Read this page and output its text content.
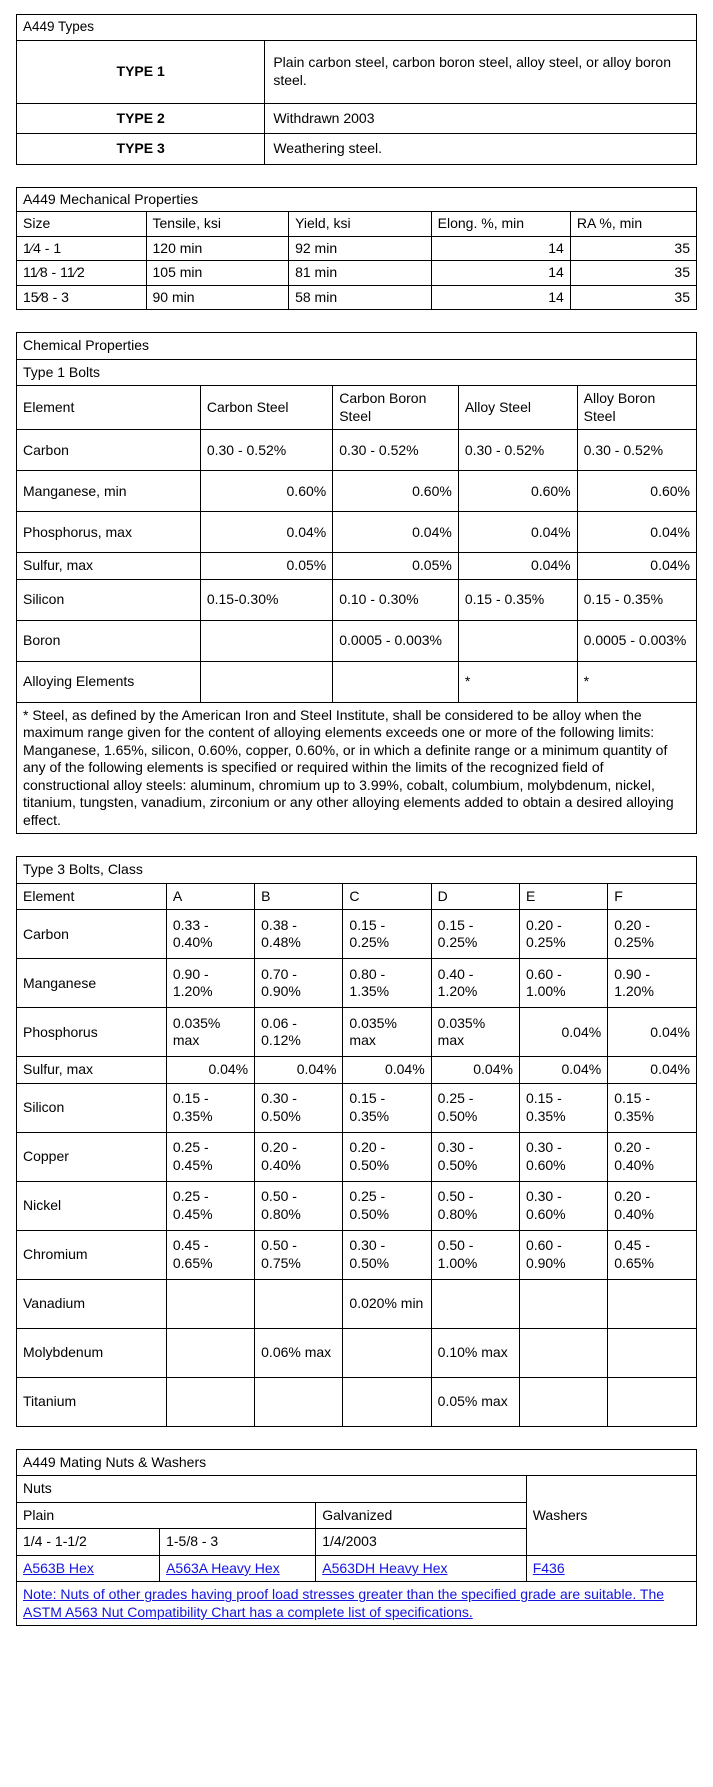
A449 Types	
TYPE 1	Plain carbon steel, carbon boron steel, alloy steel, or alloy boron steel.
TYPE 2	Withdrawn 2003
TYPE 3	Weathering steel.
A449 Mechanical Properties				
Size	Tensile, ksi	Yield, ksi	Elong. %, min	RA %, min
1⁄4 - 1	120 min	92 min	14	35
11⁄8 - 11⁄2	105 min	81 min	14	35
15⁄8 - 3	90 min	58 min	14	35
Chemical Properties				
Type 1 Bolts				
Element	Carbon Steel	Carbon Boron Steel	Alloy Steel	Alloy Boron Steel
Carbon	0.30 - 0.52%	0.30 - 0.52%	0.30 - 0.52%	0.30 - 0.52%
Manganese, min	0.60%	0.60%	0.60%	0.60%
Phosphorus, max	0.04%	0.04%	0.04%	0.04%
Sulfur, max	0.05%	0.05%	0.04%	0.04%
Silicon	0.15-0.30%	0.10 - 0.30%	0.15 - 0.35%	0.15 - 0.35%
Boron		0.0005 - 0.003%		0.0005 - 0.003%
Alloying Elements			*	*
* Steel, as defined by the American Iron and Steel Institute, shall be considered to be alloy when the maximum range given for the content of alloying elements exceeds one or more of the following limits: Manganese, 1.65%, silicon, 0.60%, copper, 0.60%, or in which a definite range or a minimum quantity of any of the following elements is specified or required within the limits of the recognized field of constructional alloy steels: aluminum, chromium up to 3.99%, cobalt, columbium, molybdenum, nickel, titanium, tungsten, vanadium, zirconium or any other alloying elements added to obtain a desired alloying effect.				
Type 3 Bolts, Class						
Element	A	B	C	D	E	F
Carbon	0.33 - 0.40%	0.38 - 0.48%	0.15 - 0.25%	0.15 - 0.25%	0.20 - 0.25%	0.20 - 0.25%
Manganese	0.90 - 1.20%	0.70 - 0.90%	0.80 - 1.35%	0.40 - 1.20%	0.60 - 1.00%	0.90 - 1.20%
Phosphorus	0.035% max	0.06 - 0.12%	0.035% max	0.035% max	0.04%	0.04%
Sulfur, max	0.04%	0.04%	0.04%	0.04%	0.04%	0.04%
Silicon	0.15 - 0.35%	0.30 - 0.50%	0.15 - 0.35%	0.25 - 0.50%	0.15 - 0.35%	0.15 - 0.35%
Copper	0.25 - 0.45%	0.20 - 0.40%	0.20 - 0.50%	0.30 - 0.50%	0.30 - 0.60%	0.20 - 0.40%
Nickel	0.25 - 0.45%	0.50 - 0.80%	0.25 - 0.50%	0.50 - 0.80%	0.30 - 0.60%	0.20 - 0.40%
Chromium	0.45 - 0.65%	0.50 - 0.75%	0.30 - 0.50%	0.50 - 1.00%	0.60 - 0.90%	0.45 - 0.65%
Vanadium			0.020% min			
Molybdenum		0.06% max		0.10% max		
Titanium				0.05% max		
A449 Mating Nuts & Washers			
Nuts			Washers
Plain		Galvanized	
1/4 - 1-1/2	1-5/8 - 3	1/4/2003	
A563B Hex	A563A Heavy Hex	A563DH Heavy Hex	F436
Note: Nuts of other grades having proof load stresses greater than the specified grade are suitable. The ASTM A563 Nut Compatibility Chart has a complete list of specifications.			
